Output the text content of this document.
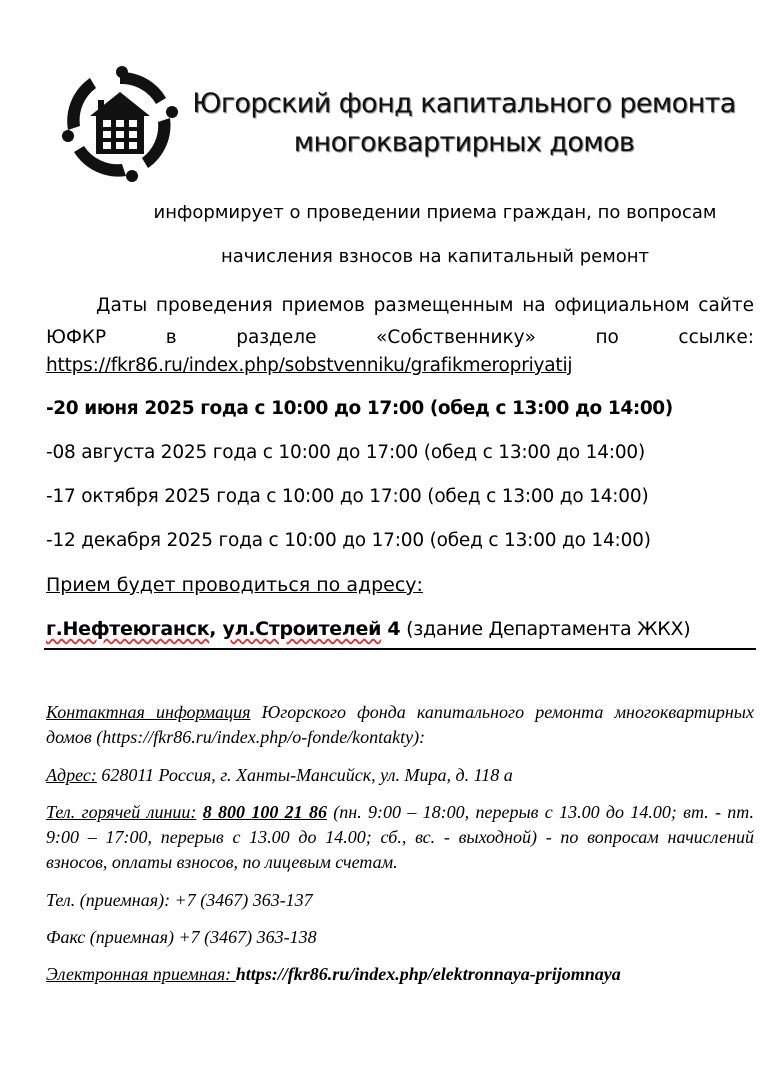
Югорский фонд капитального ремонта
многоквартирных домов
информирует о проведении приема граждан, по вопросам
начисления взносов на капитальный ремонт
Даты проведения приемов размещенным на официальном сайте ЮФКР в разделе «Собственнику» по ссылке:
https://fkr86.ru/index.php/sobstvenniku/grafikmeropriyatij
-20 июня 2025 года с 10:00 до 17:00 (обед с 13:00 до 14:00)
-08 августа 2025 года с 10:00 до 17:00 (обед с 13:00 до 14:00)
-17 октября 2025 года с 10:00 до 17:00 (обед с 13:00 до 14:00)
-12 декабря 2025 года с 10:00 до 17:00 (обед с 13:00 до 14:00)
Прием будет проводиться по адресу:
г.Нефтеюганск, ул.Строителей 4 (здание Департамента ЖКХ)
Контактная информация Югорского фонда капитального ремонта многоквартирных домов (https://fkr86.ru/index.php/o-fonde/kontakty):
Адрес: 628011 Россия, г. Ханты-Мансийск, ул. Мира, д. 118 а
Тел. горячей линии: 8 800 100 21 86 (пн. 9:00 – 18:00, перерыв с 13.00 до 14.00; вт. - пт. 9:00 – 17:00, перерыв с 13.00 до 14.00; сб., вс. - выходной) - по вопросам начислений взносов, оплаты взносов, по лицевым счетам.
Тел. (приемная): +7 (3467) 363-137
Факс (приемная) +7 (3467) 363-138
Электронная приемная: https://fkr86.ru/index.php/elektronnaya-prijomnaya
